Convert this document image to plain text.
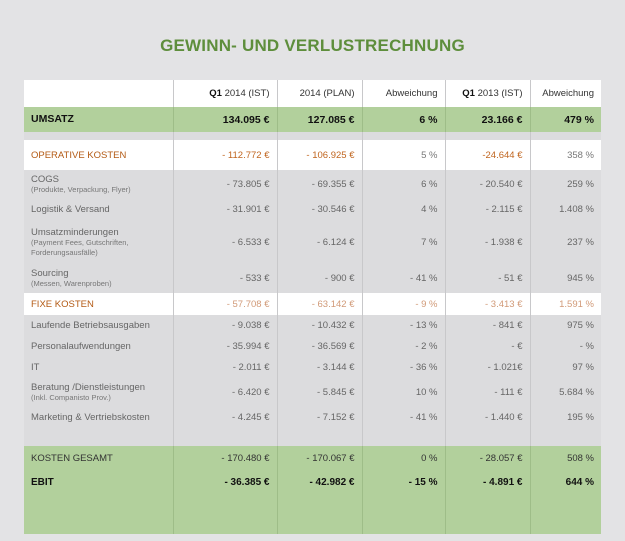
GEWINN- UND VERLUSTRECHNUNG
	Q1 2014 (IST)	2014 (PLAN)	Abweichung	Q1 2013 (IST)	Abweichung

UMSATZ	134.095 €	127.085 €	6 %	23.166 €	479 %

OPERATIVE KOSTEN	- 112.772 €	- 106.925 €	5 %	-24.644 €	358 %

COGS
(Produkte, Verpackung, Flyer)	- 73.805 €	- 69.355 €	6 %	- 20.540 €	259 %

Logistik & Versand	- 31.901 €	- 30.546 €	4 %	- 2.115 €	1.408 %

Umsatzminderungen
(Payment Fees, Gutschriften,
Forderungsausfälle)	- 6.533 €	- 6.124 €	7 %	- 1.938 €	237 %

Sourcing
(Messen, Warenproben)	- 533 €	- 900 €	- 41 %	- 51 €	945 %

FIXE KOSTEN	- 57.708 €	- 63.142 €	- 9 %	- 3.413 €	1.591 %

Laufende Betriebsausgaben	- 9.038 €	- 10.432 €	- 13 %	- 841 €	975 %

Personalaufwendungen	- 35.994 €	- 36.569 €	- 2 %	- €	- %

IT	- 2.011 €	- 3.144 €	- 36 %	- 1.021€	97 %

Beratung /Dienstleistungen
(Inkl. Companisto Prov.)	- 6.420 €	- 5.845 €	10 %	- 111 €	5.684 %

Marketing & Vertriebskosten	- 4.245 €	- 7.152 €	- 41 %	- 1.440 €	195 %

KOSTEN GESAMT	- 170.480 €	- 170.067 €	0 %	- 28.057 €	508 %

EBIT	- 36.385 €	- 42.982 €	- 15 %	- 4.891 €	644 %
